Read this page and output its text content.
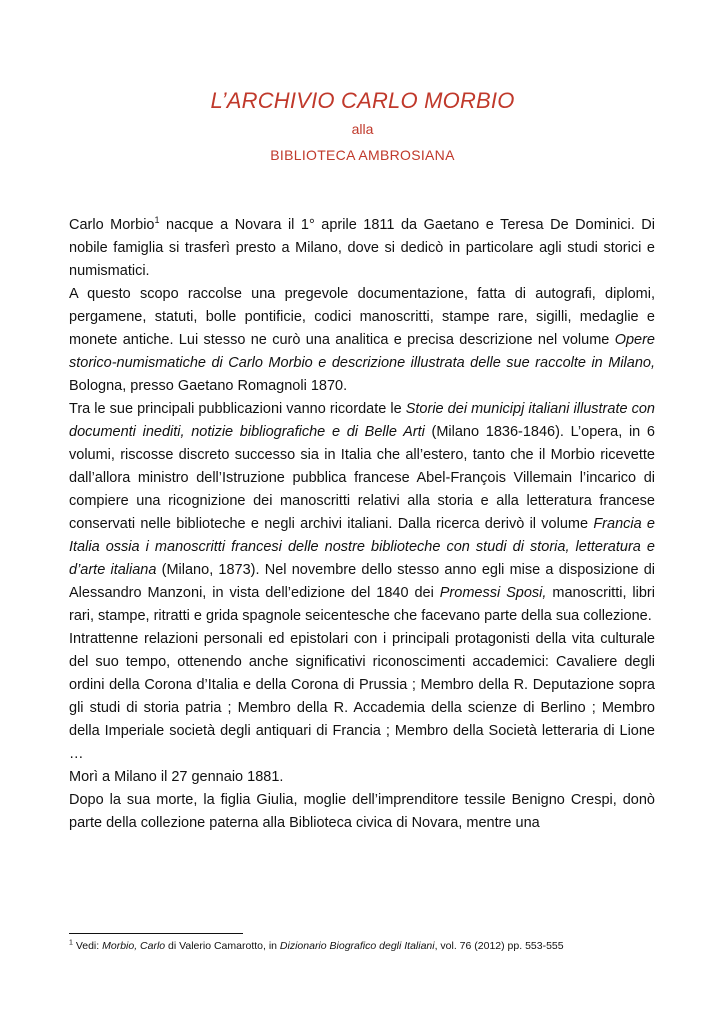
L’ARCHIVIO CARLO MORBIO
alla
BIBLIOTECA AMBROSIANA

Carlo Morbio$^1$ nacque a Novara il 1° aprile 1811 da Gaetano e Teresa De Dominici. Di nobile famiglia si trasferì presto a Milano, dove si dedicò in particolare agli studi storici e numismatici.

A questo scopo raccolse una pregevole documentazione, fatta di autografi, diplomi, pergamene, statuti, bolle pontificie, codici manoscritti, stampe rare, sigilli, medaglie e monete antiche. Lui stesso ne curò una analitica e precisa descrizione nel volume Opere storico-numismatiche di Carlo Morbio e descrizione illustrata delle sue raccolte in Milano, Bologna, presso Gaetano Romagnoli 1870.

Tra le sue principali pubblicazioni vanno ricordate le Storie dei municipj italiani illustrate con documenti inediti, notizie bibliografiche e di Belle Arti (Milano 1836-1846). L’opera, in 6 volumi, riscosse discreto successo sia in Italia che all’estero, tanto che il Morbio ricevette dall’allora ministro dell’Istruzione pubblica francese Abel-François Villemain l’incarico di compiere una ricognizione dei manoscritti relativi alla storia e alla letteratura francese conservati nelle biblioteche e negli archivi italiani. Dalla ricerca derivò il volume Francia e Italia ossia i manoscritti francesi delle nostre biblioteche con studi di storia, letteratura e d’arte italiana (Milano, 1873). Nel novembre dello stesso anno egli mise a disposizione di Alessandro Manzoni, in vista dell’edizione del 1840 dei Promessi Sposi, manoscritti, libri rari, stampe, ritratti e grida spagnole seicentesche che facevano parte della sua collezione.

Intrattenne relazioni personali ed epistolari con i principali protagonisti della vita culturale del suo tempo, ottenendo anche significativi riconoscimenti accademici: Cavaliere degli ordini della Corona d’Italia e della Corona di Prussia ; Membro della R. Deputazione sopra gli studi di storia patria ; Membro della R. Accademia della scienze di Berlino ; Membro della Imperiale società degli antiquari di Francia ; Membro della Società letteraria di Lione …

Morì a Milano il 27 gennaio 1881.

Dopo la sua morte, la figlia Giulia, moglie dell’imprenditore tessile Benigno Crespi, donò parte della collezione paterna alla Biblioteca civica di Novara, mentre una

$^1$ Vedi: Morbio, Carlo di Valerio Camarotto, in Dizionario Biografico degli Italiani, vol. 76 (2012) pp. 553-555
